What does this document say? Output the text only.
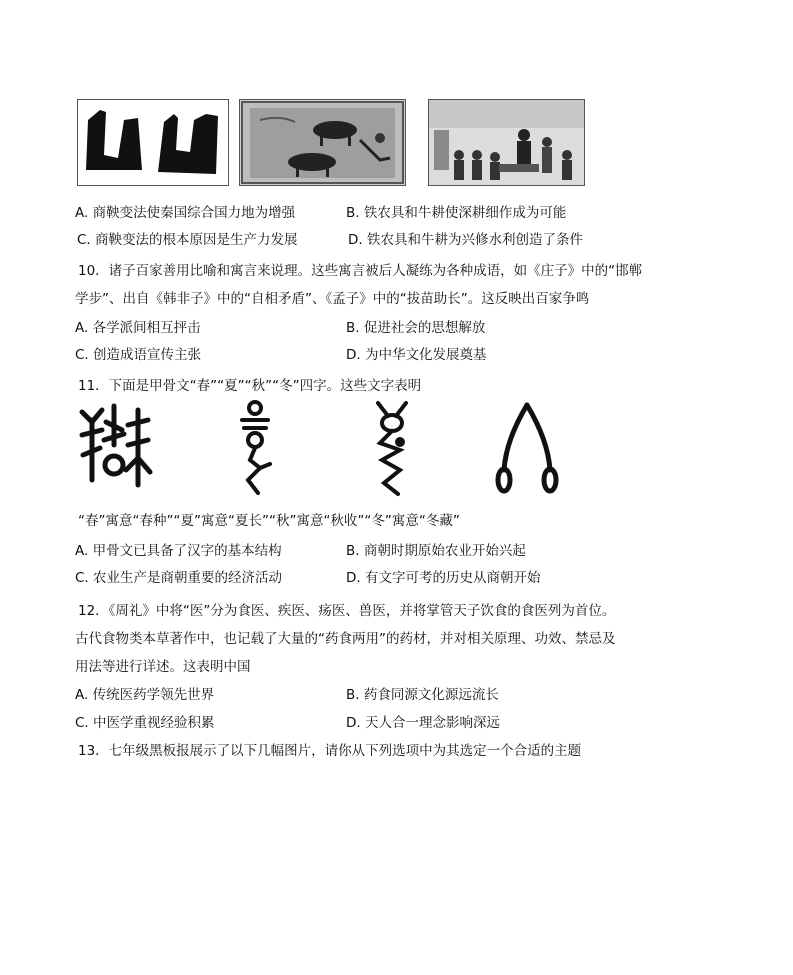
A. 商鞅变法使秦国综合国力地为增强	B. 铁农具和牛耕使深耕细作成为可能
C. 商鞅变法的根本原因是生产力发展	D. 铁农具和牛耕为兴修水利创造了条件
10．诸子百家善用比喻和寓言来说理。这些寓言被后人凝练为各种成语，如《庄子》中的“邯郸
学步”、出自《韩非子》中的“自相矛盾”、《孟子》中的“拔苗助长”。这反映出百家争鸣
A. 各学派间相互抨击	B. 促进社会的思想解放
C. 创造成语宣传主张	D. 为中华文化发展奠基
11．下面是甲骨文“春”“夏”“秋”“冬”四字。这些文字表明
“春”寓意“春种”“夏”寓意“夏长”“秋”寓意“秋收”“冬”寓意“冬藏”
A. 甲骨文已具备了汉字的基本结构	B. 商朝时期原始农业开始兴起
C. 农业生产是商朝重要的经济活动	D. 有文字可考的历史从商朝开始
12．《周礼》中将“医”分为食医、疾医、疡医、兽医，并将掌管天子饮食的食医列为首位。
古代食物类本草著作中，也记载了大量的“药食两用”的药材，并对相关原理、功效、禁忌及
用法等进行详述。这表明中国
A. 传统医药学领先世界	B. 药食同源文化源远流长
C. 中医学重视经验积累	D. 天人合一理念影响深远
13．七年级黑板报展示了以下几幅图片，请你从下列选项中为其选定一个合适的主题
